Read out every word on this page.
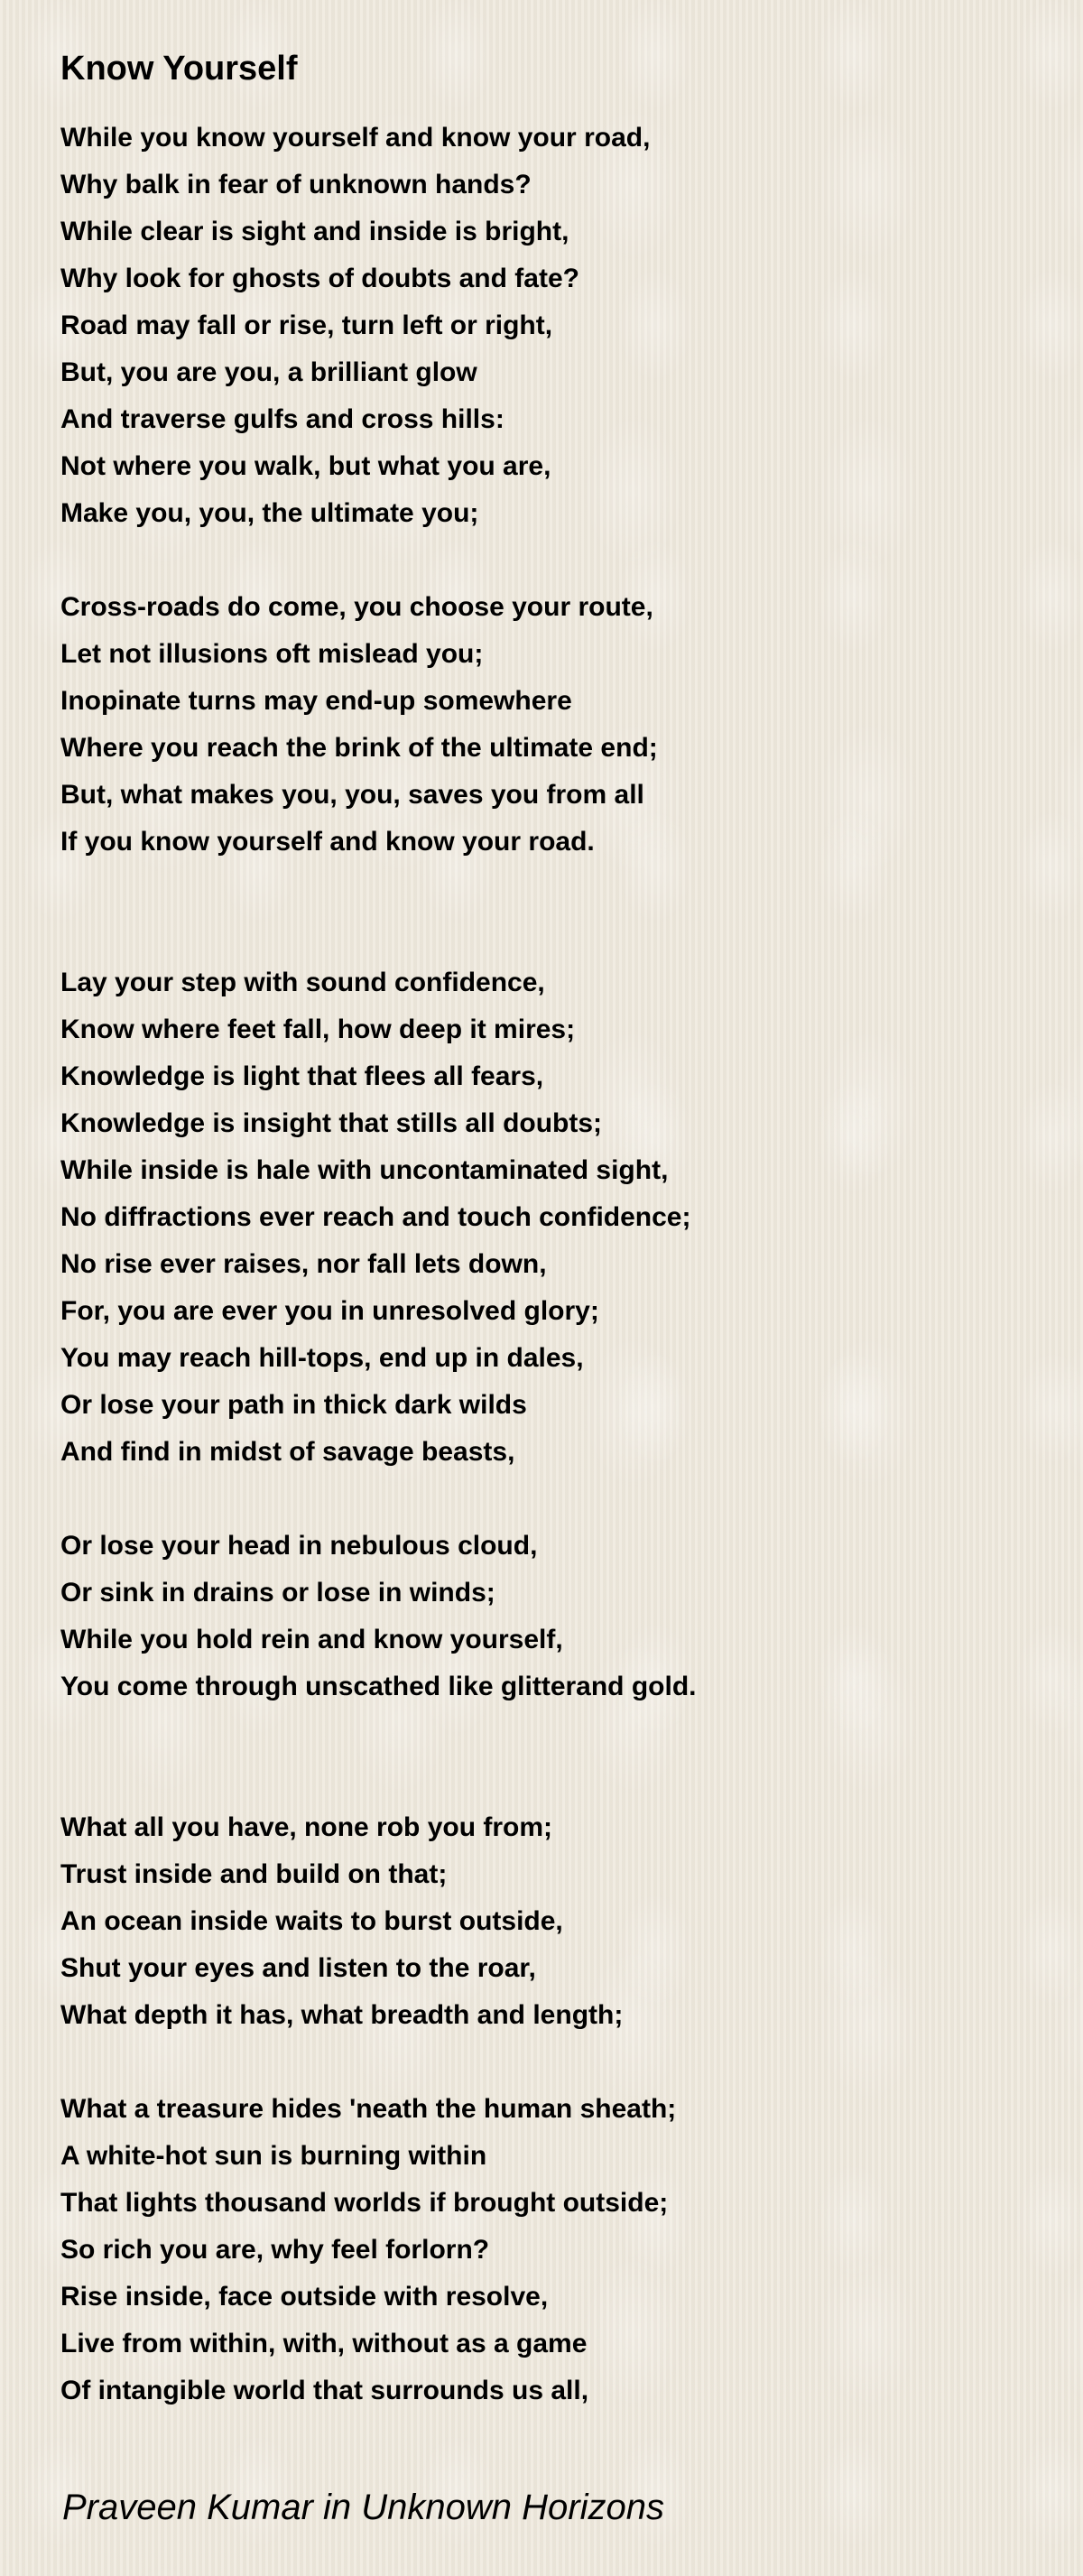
Know Yourself
While you know yourself and know your road,
Why balk in fear of unknown hands?
While clear is sight and inside is bright,
Why look for ghosts of doubts and fate?
Road may fall or rise, turn left or right,
But, you are you, a brilliant glow
And traverse gulfs and cross hills:
Not where you walk, but what you are,
Make you, you, the ultimate you;
Cross-roads do come, you choose your route,
Let not illusions oft mislead you;
Inopinate turns may end-up somewhere
Where you reach the brink of the ultimate end;
But, what makes you, you, saves you from all
If you know yourself and know your road.
Lay your step with sound confidence,
Know where feet fall, how deep it mires;
Knowledge is light that flees all fears,
Knowledge is insight that stills all doubts;
While inside is hale with uncontaminated sight,
No diffractions ever reach and touch confidence;
No rise ever raises, nor fall lets down,
For, you are ever you in unresolved glory;
You may reach hill-tops, end up in dales,
Or lose your path in thick dark wilds
And find in midst of savage beasts,
Or lose your head in nebulous cloud,
Or sink in drains or lose in winds;
While you hold rein and know yourself,
You come through unscathed like glitterand gold.
What all you have, none rob you from;
Trust inside and build on that;
An ocean inside waits to burst outside,
Shut your eyes and listen to the roar,
What depth it has, what breadth and length;
What a treasure hides 'neath the human sheath;
A white-hot sun is burning within
That lights thousand worlds if brought outside;
So rich you are, why feel forlorn?
Rise inside, face outside with resolve,
Live from within, with, without as a game
Of intangible world that surrounds us all,
Praveen Kumar in Unknown Horizons
